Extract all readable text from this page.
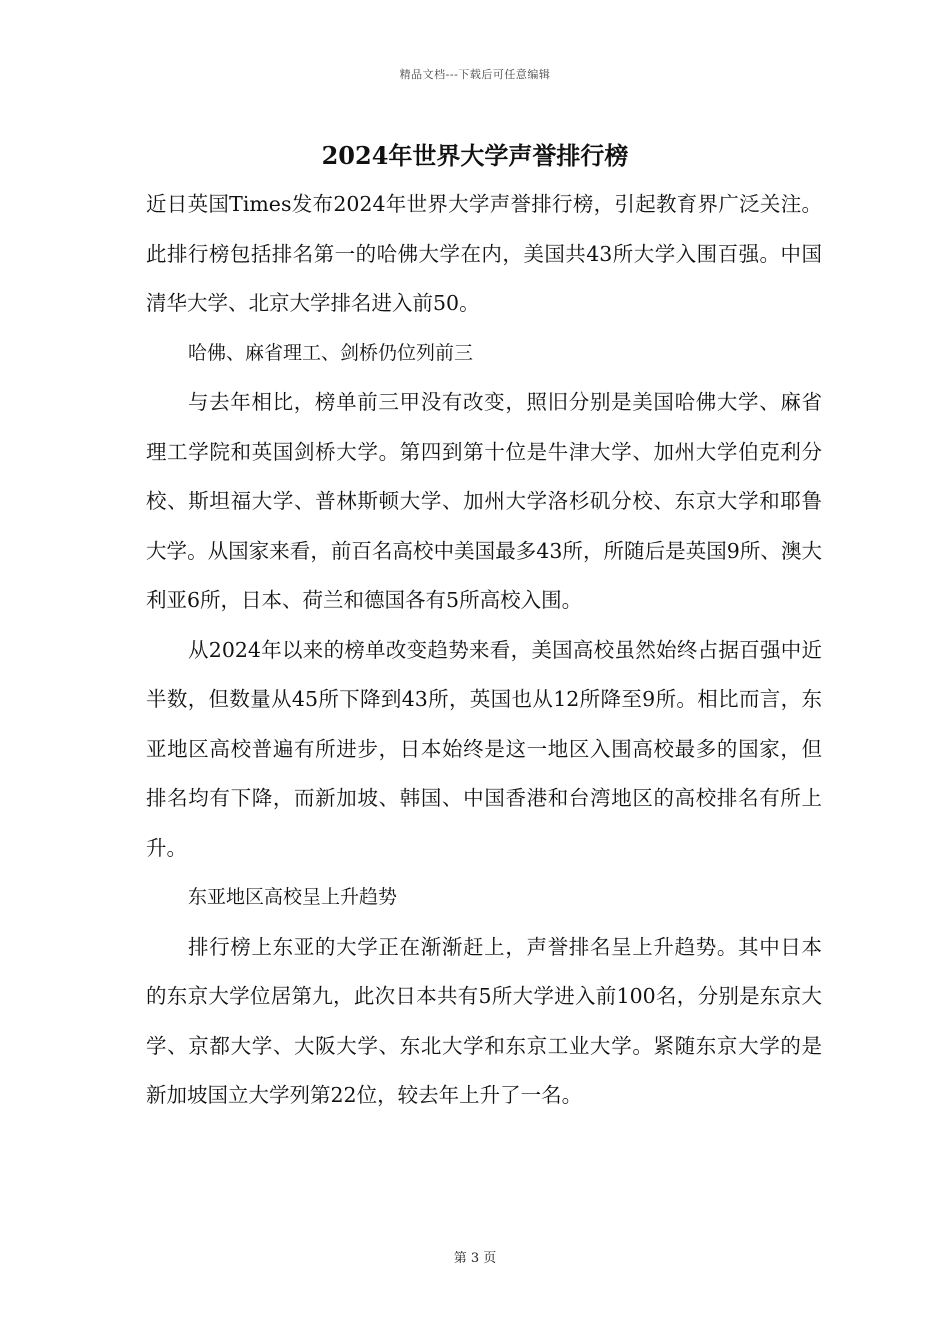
精品文档---下载后可任意编辑
2024年世界大学声誉排行榜

近日英国Times发布2024年世界大学声誉排行榜，引起教育界广泛关注。此排行榜包括排名第一的哈佛大学在内，美国共43所大学入围百强。中国清华大学、北京大学排名进入前50。

哈佛、麻省理工、剑桥仍位列前三

与去年相比，榜单前三甲没有改变，照旧分别是美国哈佛大学、麻省理工学院和英国剑桥大学。第四到第十位是牛津大学、加州大学伯克利分校、斯坦福大学、普林斯顿大学、加州大学洛杉矶分校、东京大学和耶鲁大学。从国家来看，前百名高校中美国最多43所，所随后是英国9所、澳大利亚6所，日本、荷兰和德国各有5所高校入围。

从2024年以来的榜单改变趋势来看，美国高校虽然始终占据百强中近半数，但数量从45所下降到43所，英国也从12所降至9所。相比而言，东亚地区高校普遍有所进步，日本始终是这一地区入围高校最多的国家，但排名均有下降，而新加坡、韩国、中国香港和台湾地区的高校排名有所上升。

东亚地区高校呈上升趋势

排行榜上东亚的大学正在渐渐赶上，声誉排名呈上升趋势。其中日本的东京大学位居第九，此次日本共有5所大学进入前100名，分别是东京大学、京都大学、大阪大学、东北大学和东京工业大学。紧随东京大学的是新加坡国立大学列第22位，较去年上升了一名。

第 3 页
